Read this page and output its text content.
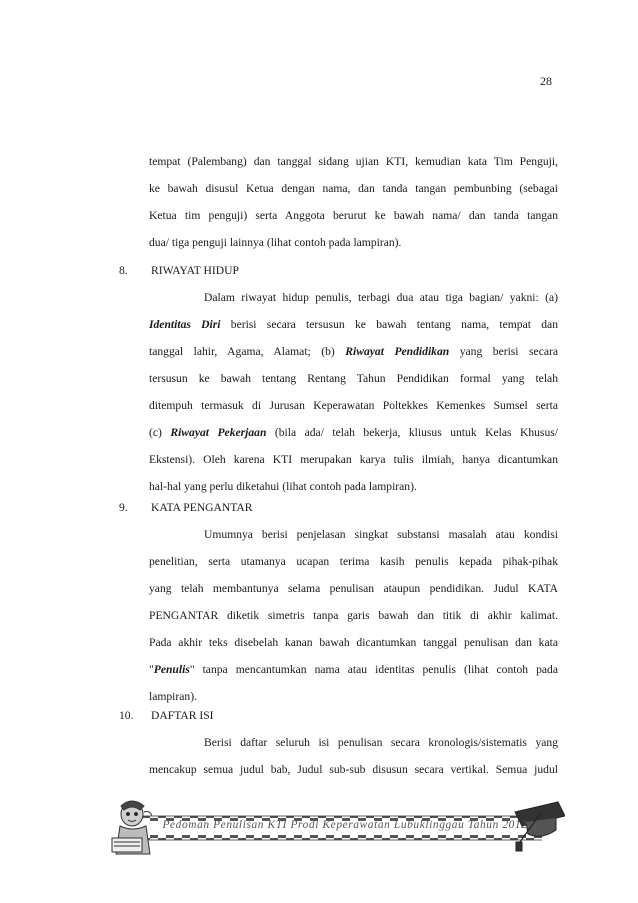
28
tempat (Palembang) dan tanggal sidang ujian KTI, kemudian kata Tim Penguji,
ke bawah disusul Ketua dengan nama, dan tanda tangan pembunbing (sebagai
Ketua tim penguji) serta Anggota berurut ke bawah nama/ dan tanda tangan
dua/ tiga penguji lainnya (lihat contoh pada lampiran).
8. RIWAYAT HIDUP
Dalam riwayat hidup penulis, terbagi dua atau tiga bagian/ yakni: (a)
Identitas Diri berisi secara tersusun ke bawah tentang nama, tempat dan
tanggal lahir, Agama, Alamat; (b) Riwayat Pendidikan yang berisi secara
tersusun ke bawah tentang Rentang Tahun Pendidikan formal yang telah
ditempuh termasuk di Jurusan Keperawatan Poltekkes Kemenkes Sumsel serta
(c) Riwayat Pekerjaan (bila ada/ telah bekerja, kliusus untuk Kelas Khusus/
Ekstensi). Oleh karena KTI merupakan karya tulis ilmiah, hanya dicantumkan
hal-hal yang perlu diketahui (lihat contoh pada lampiran).
9. KATA PENGANTAR
Umumnya berisi penjelasan singkat substansi masalah atau kondisi
penelitian, serta utamanya ucapan terima kasih penulis kepada pihak-pihak
yang telah membantunya selama penulisan ataupun pendidikan. Judul KATA
PENGANTAR diketik simetris tanpa garis bawah dan titik di akhir kalimat.
Pada akhir teks disebelah kanan bawah dicantumkan tanggal penulisan dan kata
"Penulis" tanpa mencantumkan nama atau identitas penulis (lihat contoh pada
lampiran).
10. DAFTAR ISI
Berisi daftar seluruh isi penulisan secara kronologis/sistematis yang
mencakup semua judul bab, Judul sub-sub disusun secara vertikal. Semua judul
Pedoman Penulisan KTI Prodi Keperawatan Lubuklinggau Tahun 2012
